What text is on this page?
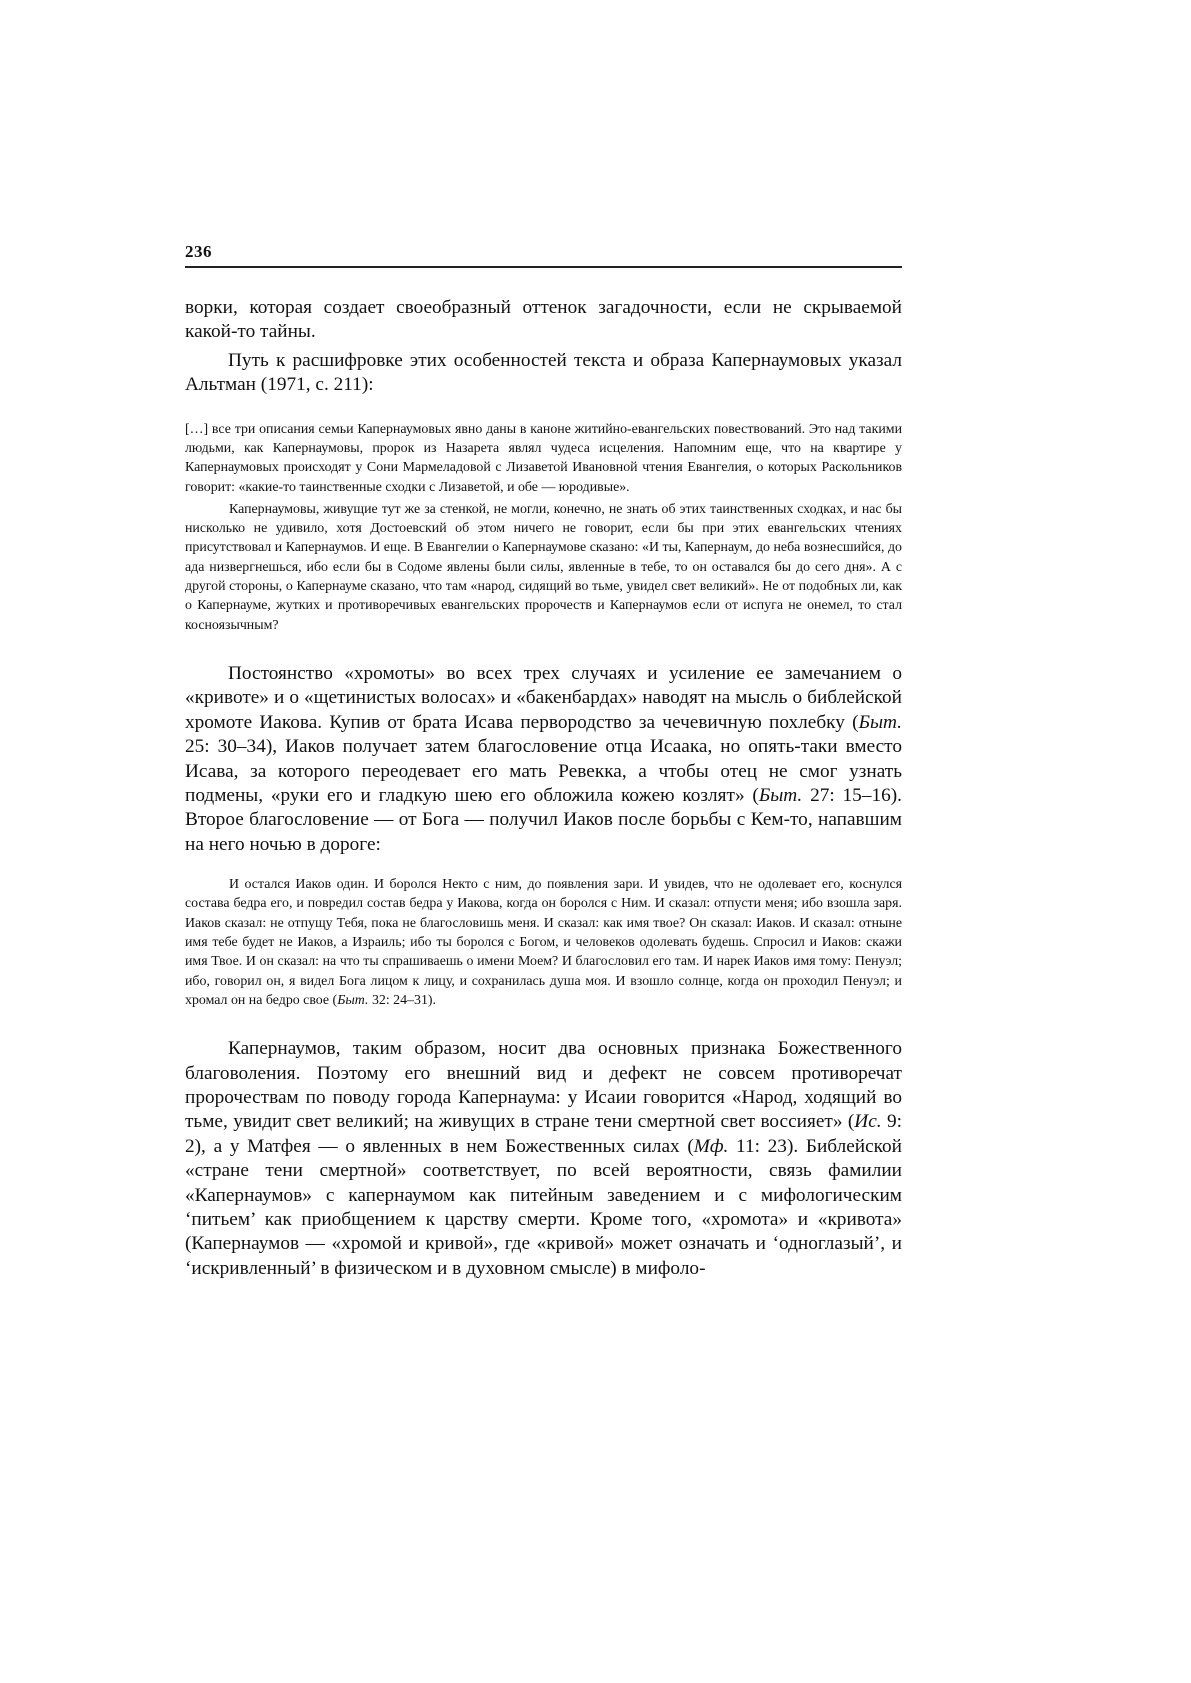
236

ворки, которая создает своеобразный оттенок загадочности, если не скрываемой какой-то тайны.

Путь к расшифровке этих особенностей текста и образа Капернаумовых указал Альтман (1971, с. 211):

[…] все три описания семьи Капернаумовых явно даны в каноне житийно-евангельских повествований. Это над такими людьми, как Капернаумовы, пророк из Назарета являл чудеса исцеления. Напомним еще, что на квартире у Капернаумовых происходят у Сони Мармеладовой с Лизаветой Ивановной чтения Евангелия, о которых Раскольников говорит: «какие-то таинственные сходки с Лизаветой, и обе — юродивые».

Капернаумовы, живущие тут же за стенкой, не могли, конечно, не знать об этих таинственных сходках, и нас бы нисколько не удивило, хотя Достоевский об этом ничего не говорит, если бы при этих евангельских чтениях присутствовал и Капернаумов. И еще. В Евангелии о Капернаумове сказано: «И ты, Капернаум, до неба вознесшийся, до ада низвергнешься, ибо если бы в Содоме явлены были силы, явленные в тебе, то он оставался бы до сего дня». А с другой стороны, о Капернауме сказано, что там «народ, сидящий во тьме, увидел свет великий». Не от подобных ли, как о Капернауме, жутких и противоречивых евангельских пророчеств и Капернаумов если от испуга не онемел, то стал косноязычным?

Постоянство «хромоты» во всех трех случаях и усиление ее замечанием о «кривоте» и о «щетинистых волосах» и «бакенбардах» наводят на мысль о библейской хромоте Иакова. Купив от брата Исава первородство за чечевичную похлебку (Быт. 25: 30–34), Иаков получает затем благословение отца Исаака, но опять-таки вместо Исава, за которого переодевает его мать Ревекка, а чтобы отец не смог узнать подмены, «руки его и гладкую шею его обложила кожею козлят» (Быт. 27: 15–16). Второе благословение — от Бога — получил Иаков после борьбы с Кем-то, напавшим на него ночью в дороге:

И остался Иаков один. И боролся Некто с ним, до появления зари. И увидев, что не одолевает его, коснулся состава бедра его, и повредил состав бедра у Иакова, когда он боролся с Ним. И сказал: отпусти меня; ибо взошла заря. Иаков сказал: не отпущу Тебя, пока не благословишь меня. И сказал: как имя твое? Он сказал: Иаков. И сказал: отныне имя тебе будет не Иаков, а Израиль; ибо ты боролся с Богом, и человеков одолевать будешь. Спросил и Иаков: скажи имя Твое. И он сказал: на что ты спрашиваешь о имени Моем? И благословил его там. И нарек Иаков имя тому: Пенуэл; ибо, говорил он, я видел Бога лицом к лицу, и сохранилась душа моя. И взошло солнце, когда он проходил Пенуэл; и хромал он на бедро свое (Быт. 32: 24–31).

Капернаумов, таким образом, носит два основных признака Божественного благоволения. Поэтому его внешний вид и дефект не совсем противоречат пророчествам по поводу города Капернаума: у Исаии говорится «Народ, ходящий во тьме, увидит свет великий; на живущих в стране тени смертной свет воссияет» (Ис. 9: 2), а у Матфея — о явленных в нем Божественных силах (Мф. 11: 23). Библейской «стране тени смертной» соответствует, по всей вероятности, связь фамилии «Капернаумов» с капернаумом как питейным заведением и с мифологическим ‘питьем’ как приобщением к царству смерти. Кроме того, «хромота» и «кривота» (Капернаумов — «хромой и кривой», где «кривой» может означать и ‘одноглазый’, и ‘искривленный’ в физическом и в духовном смысле) в мифоло-
